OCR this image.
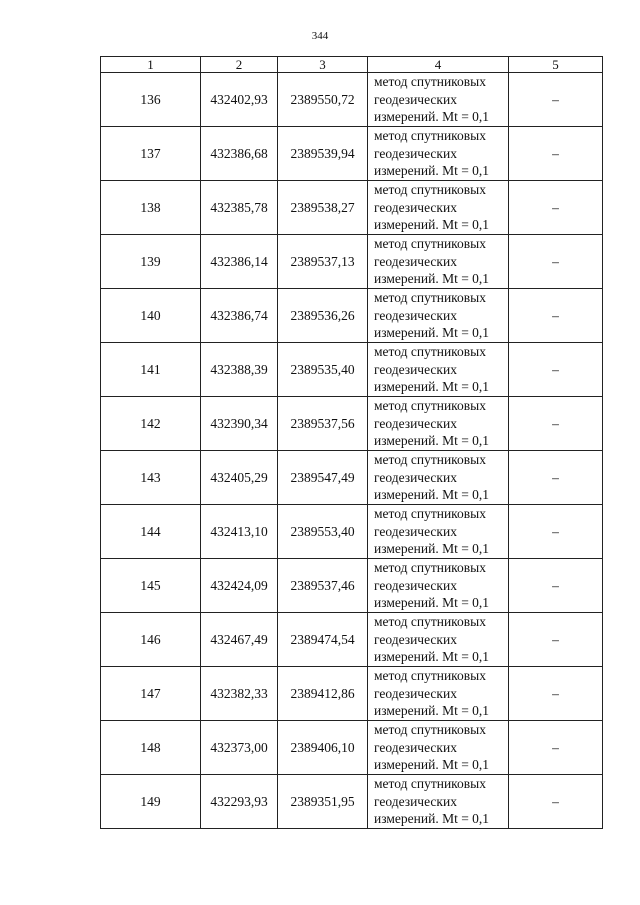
344
1	2	3	4	5
136	432402,93	2389550,72	метод спутниковых
геодезических
измерений. Mt = 0,1	–
137	432386,68	2389539,94	метод спутниковых
геодезических
измерений. Mt = 0,1	–
138	432385,78	2389538,27	метод спутниковых
геодезических
измерений. Mt = 0,1	–
139	432386,14	2389537,13	метод спутниковых
геодезических
измерений. Mt = 0,1	–
140	432386,74	2389536,26	метод спутниковых
геодезических
измерений. Mt = 0,1	–
141	432388,39	2389535,40	метод спутниковых
геодезических
измерений. Mt = 0,1	–
142	432390,34	2389537,56	метод спутниковых
геодезических
измерений. Mt = 0,1	–
143	432405,29	2389547,49	метод спутниковых
геодезических
измерений. Mt = 0,1	–
144	432413,10	2389553,40	метод спутниковых
геодезических
измерений. Mt = 0,1	–
145	432424,09	2389537,46	метод спутниковых
геодезических
измерений. Mt = 0,1	–
146	432467,49	2389474,54	метод спутниковых
геодезических
измерений. Mt = 0,1	–
147	432382,33	2389412,86	метод спутниковых
геодезических
измерений. Mt = 0,1	–
148	432373,00	2389406,10	метод спутниковых
геодезических
измерений. Mt = 0,1	–
149	432293,93	2389351,95	метод спутниковых
геодезических
измерений. Mt = 0,1	–
